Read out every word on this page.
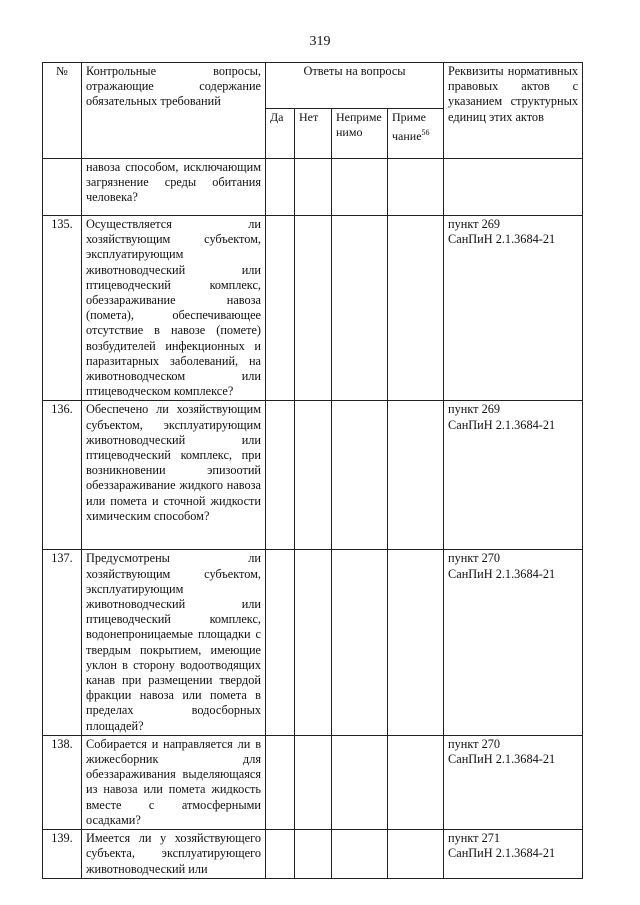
319
№	Контрольные вопросы, отражающие содержание обязательных требований	Ответы на вопросы				Реквизиты нормативных правовых актов с указанием структурных единиц этих актов
		Да	Нет	Неприме нимо	Приме чание$^{56}$
	навоза способом, исключающим загрязнение среды обитания человека?					
135.	Осуществляется ли хозяйствующим субъектом, эксплуатирующим животноводческий или птицеводческий комплекс, обеззараживание навоза (помета), обеспечивающее отсутствие в навозе (помете) возбудителей инфекционных и паразитарных заболеваний, на животноводческом или птицеводческом комплексе?					пункт 269
СанПиН 2.1.3684-21

136.	Обеспечено ли хозяйствующим субъектом, эксплуатирующим животноводческий или птицеводческий комплекс, при возникновении эпизоотий обеззараживание жидкого навоза или помета и сточной жидкости химическим способом?					пункт 269
СанПиН 2.1.3684-21

137.	Предусмотрены ли хозяйствующим субъектом, эксплуатирующим животноводческий или птицеводческий комплекс, водонепроницаемые площадки с твердым покрытием, имеющие уклон в сторону водоотводящих канав при размещении твердой фракции навоза или помета в пределах водосборных площадей?					пункт 270
СанПиН 2.1.3684-21

138.	Собирается и направляется ли в жижесборник для обеззараживания выделяющаяся из навоза или помета жидкость вместе с атмосферными осадками?					пункт 270
СанПиН 2.1.3684-21

139.	Имеется ли у хозяйствующего субъекта, эксплуатирующего животноводческий или					пункт 271
СанПиН 2.1.3684-21
